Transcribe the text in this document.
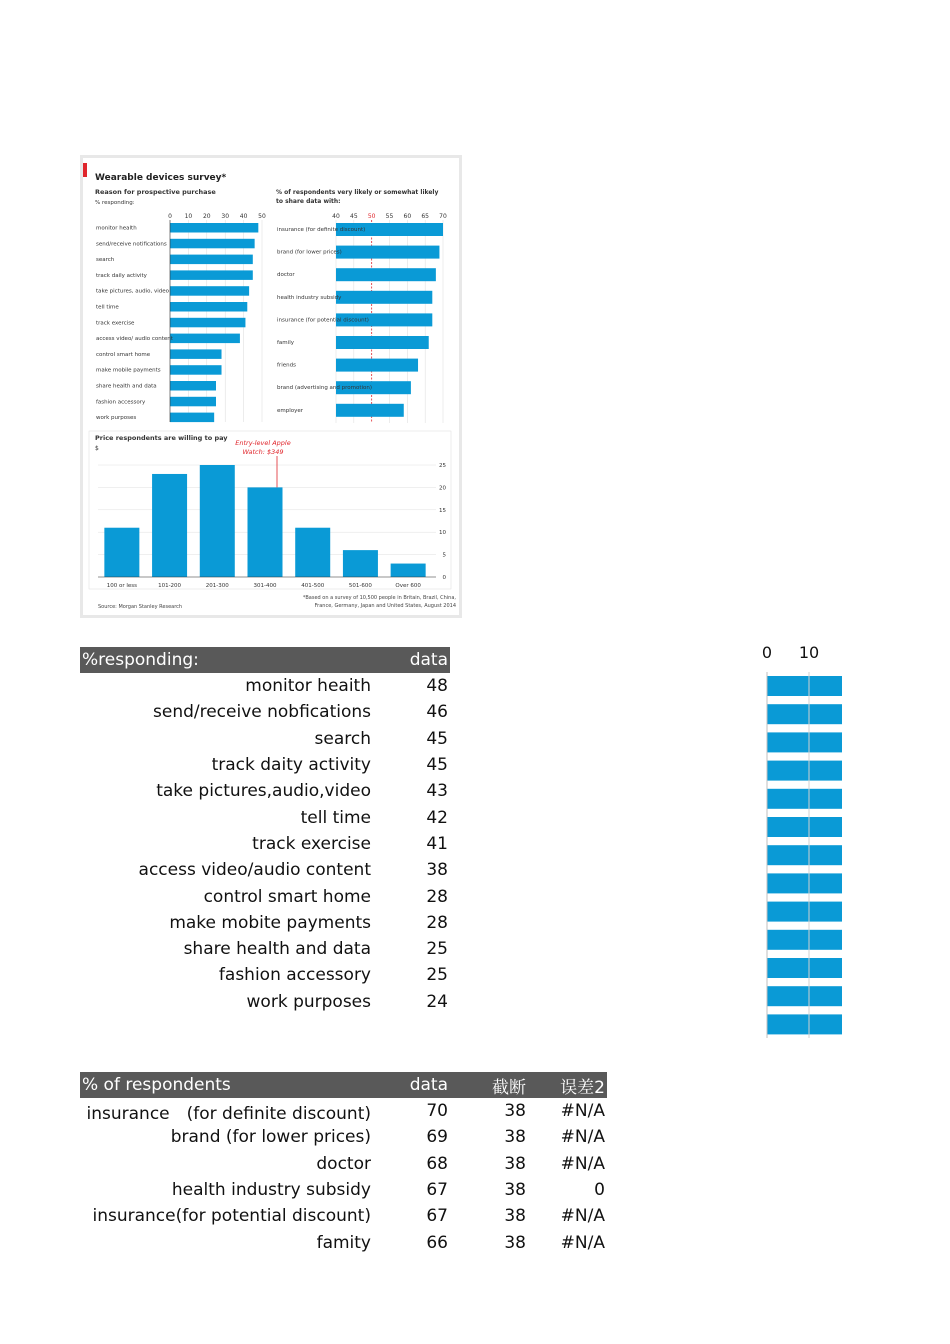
Wearable devices survey*
Reason for prospective purchase
% responding:
0 10 20 30 40 50
monitor health
send/receive notifications
search
track daily activity
take pictures, audio, video
tell time
track exercise
access video/ audio content
control smart home
make mobile payments
share health and data
fashion accessory
work purposes
% of respondents very likely or somewhat likely
to share data with:
40 45 50 55 60 65 70
insurance (for definite discount)
brand (for lower prices)
doctor
health industry subsidy
insurance (for potential discount)
family
friends
brand (advertising and promotion)
employer
Price respondents are willing to pay
$
Entry-level Apple
Watch: $349
0
5
10
15
20
25
100 or less	101-200	201-300	301-400	401-500	501-600	Over 600
Source: Morgan Stanley Research
*Based on a survey of 10,500 people in Britain, Brazil, China,
France, Germany, Japan and United States, August 2014
%responding:	data
monitor heaith	48
send/receive nobfications	46
search	45
track daity activity	45
take pictures,audio,video	43
tell time	42
track exercise	41
access video/audio content	38
control smart home	28
make mobite payments	28
share health and data	25
fashion accessory	25
work purposes	24
% of respondents	data	截断	误差2
insurance　(for definite discount)	70	38	#N/A
brand (for lower prices)	69	38	#N/A
doctor	68	38	#N/A
health industry subsidy	67	38	0
insurance(for potential discount)	67	38	#N/A
famity	66	38	#N/A
0 10
